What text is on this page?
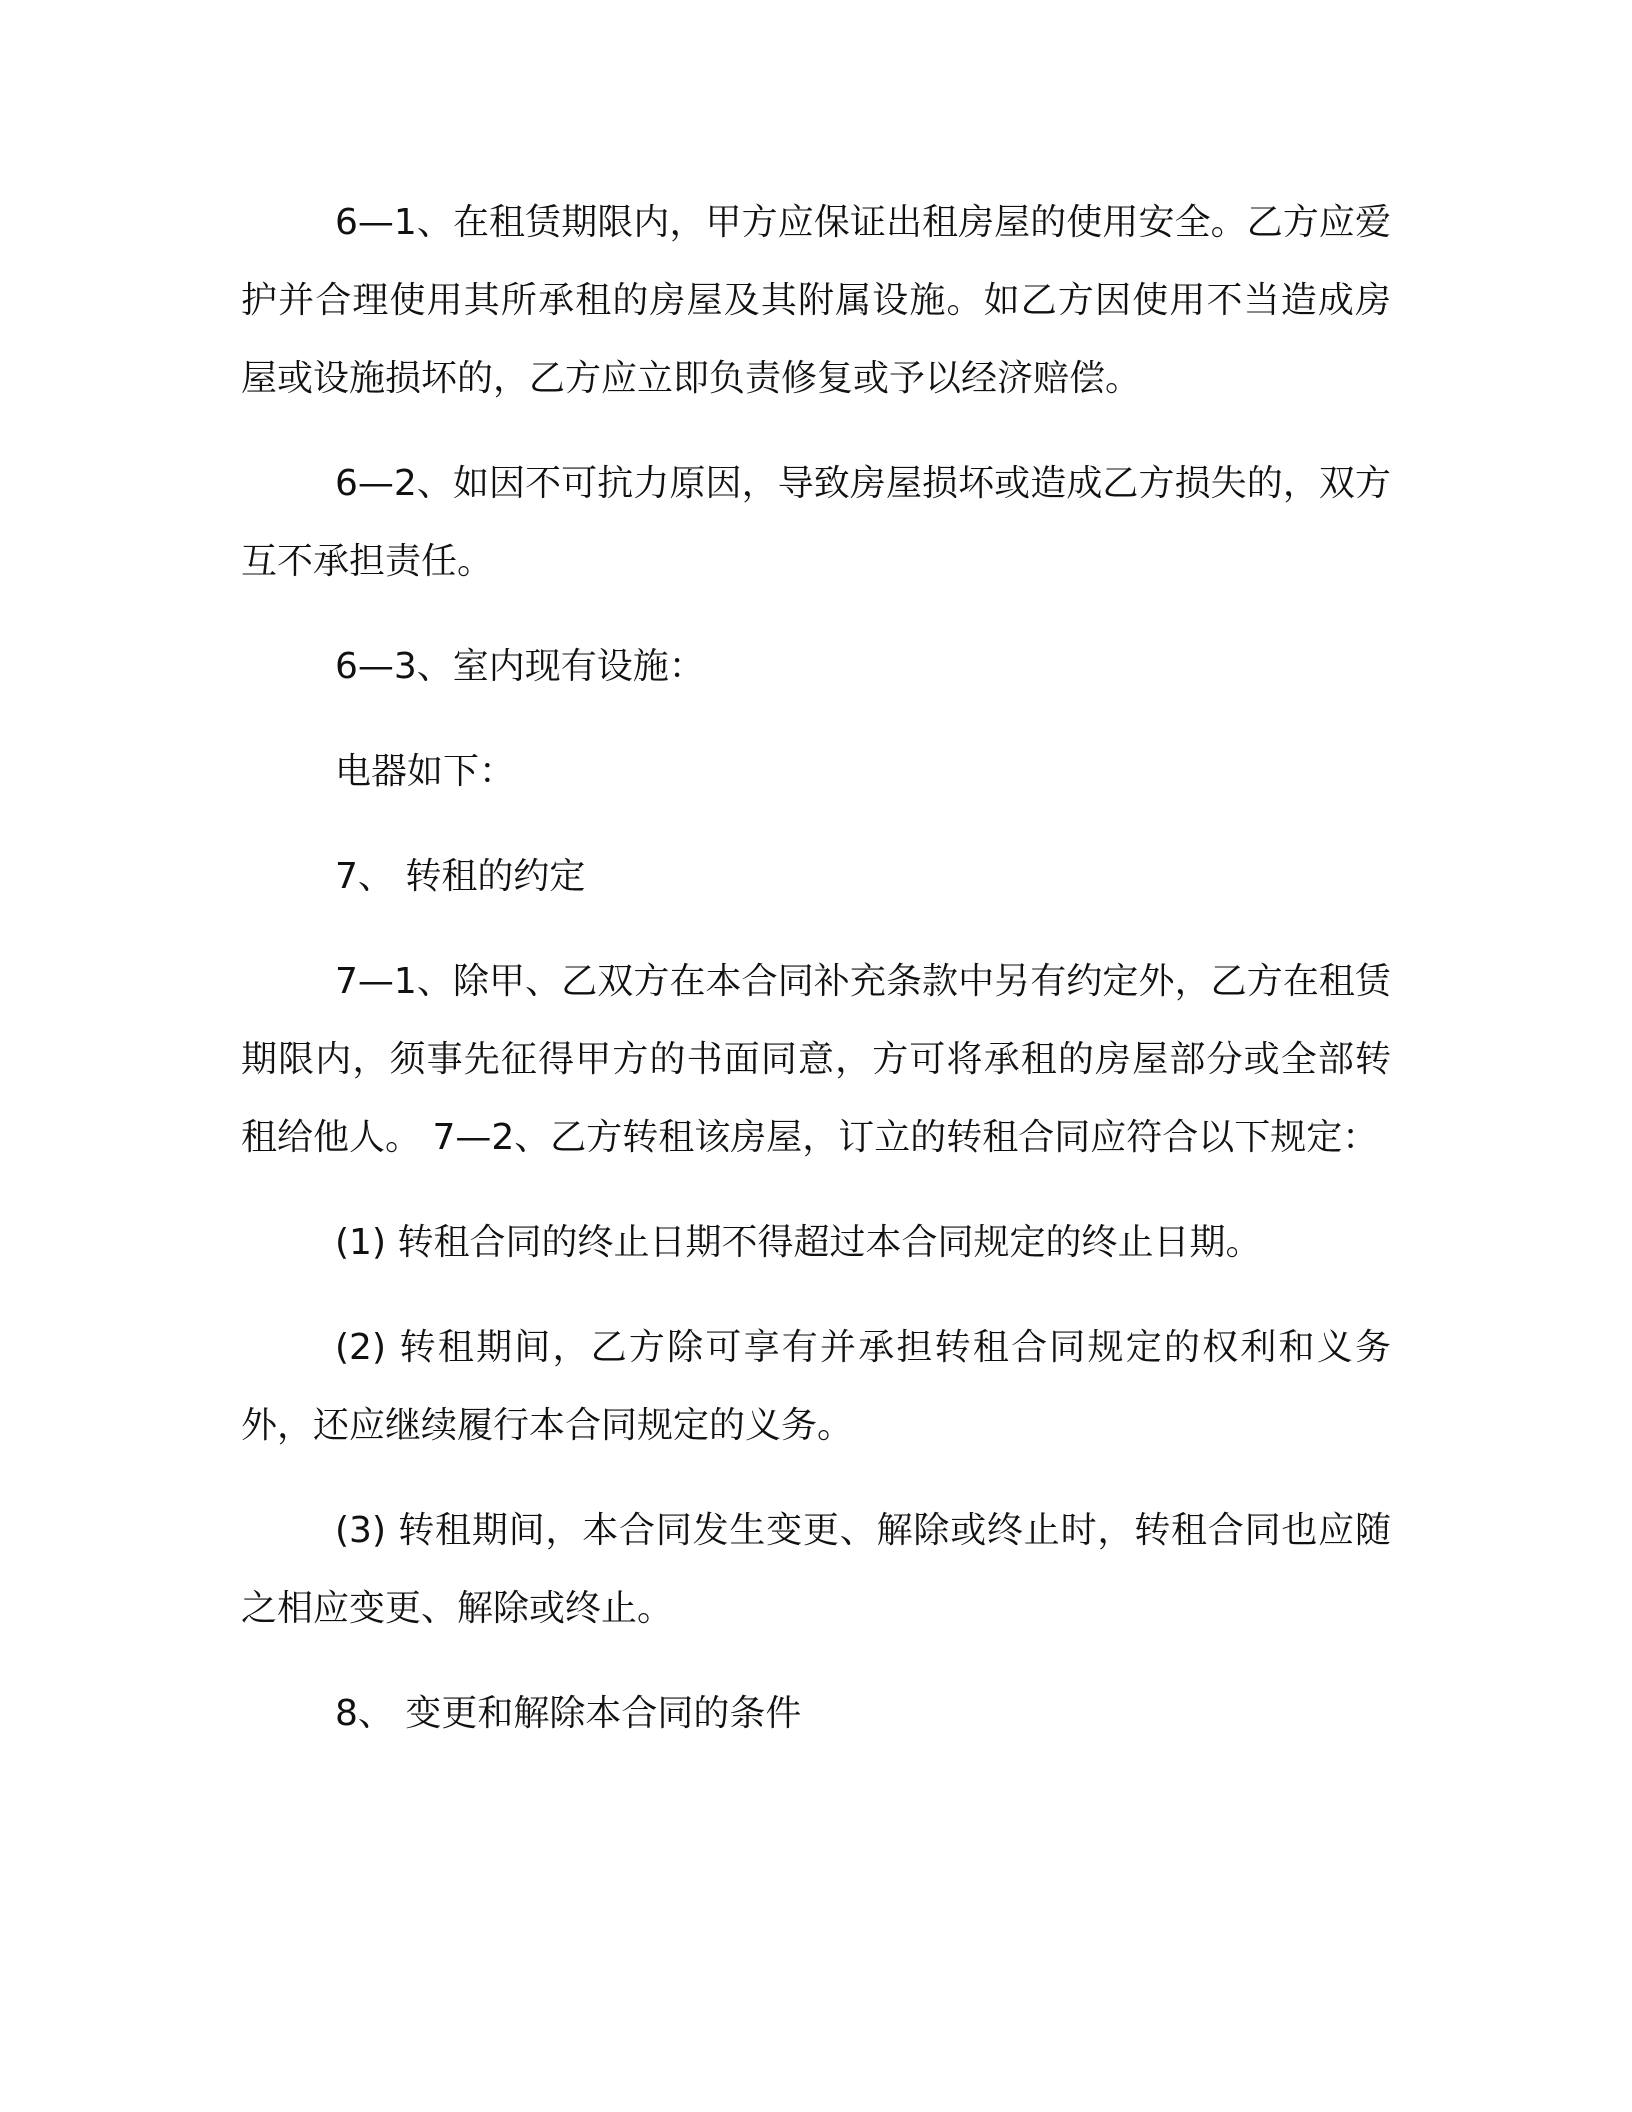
6—1、在租赁期限内，甲方应保证出租房屋的使用安全。乙方应爱护并合理使用其所承租的房屋及其附属设施。如乙方因使用不当造成房屋或设施损坏的，乙方应立即负责修复或予以经济赔偿。

6—2、如因不可抗力原因，导致房屋损坏或造成乙方损失的，双方互不承担责任。

6—3、室内现有设施：

电器如下：

7、 转租的约定

7—1、除甲、乙双方在本合同补充条款中另有约定外，乙方在租赁期限内，须事先征得甲方的书面同意，方可将承租的房屋部分或全部转租给他人。 7—2、乙方转租该房屋，订立的转租合同应符合以下规定：

(1) 转租合同的终止日期不得超过本合同规定的终止日期。

(2) 转租期间，乙方除可享有并承担转租合同规定的权利和义务外，还应继续履行本合同规定的义务。

(3) 转租期间，本合同发生变更、解除或终止时，转租合同也应随之相应变更、解除或终止。

8、 变更和解除本合同的条件
